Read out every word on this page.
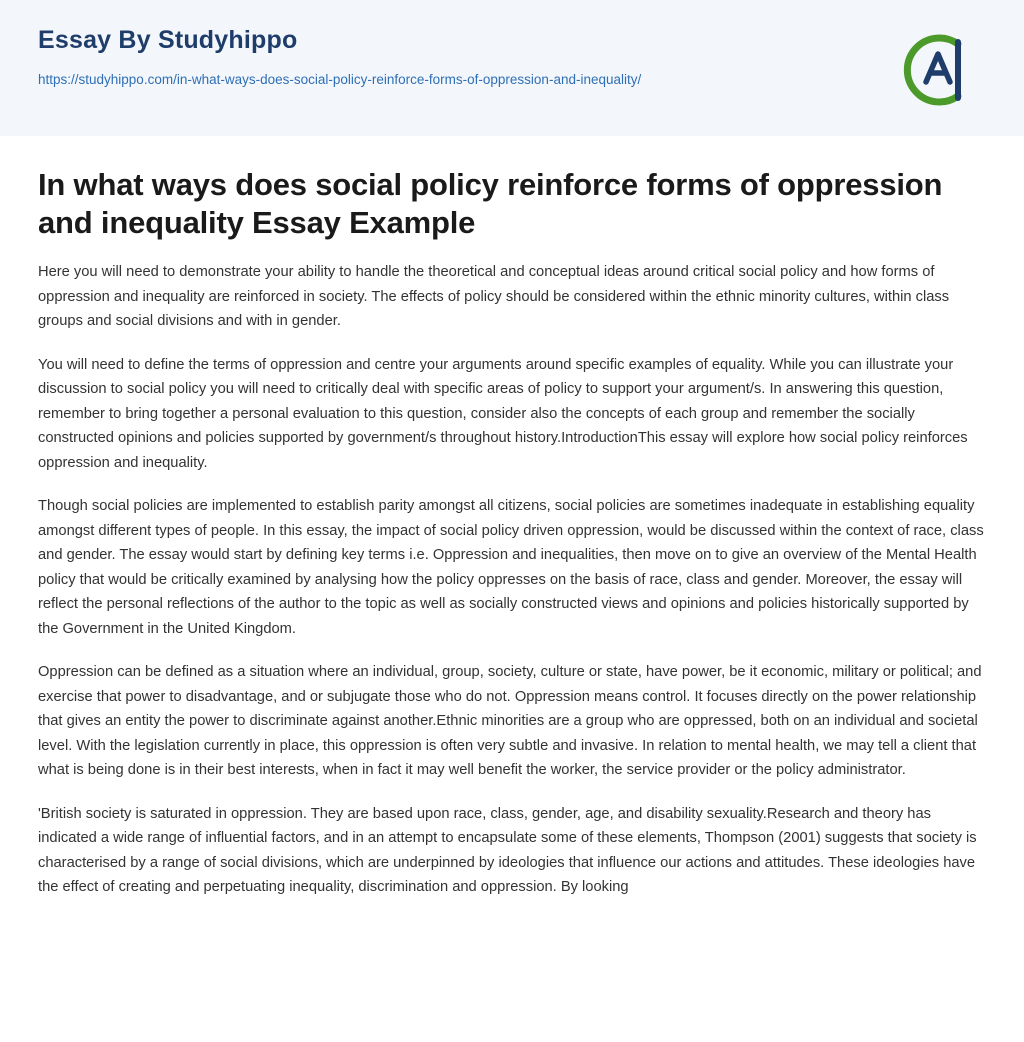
Essay By Studyhippo
https://studyhippo.com/in-what-ways-does-social-policy-reinforce-forms-of-oppression-and-inequality/
In what ways does social policy reinforce forms of oppression and inequality Essay Example

Here you will need to demonstrate your ability to handle the theoretical and conceptual ideas around critical social policy and how forms of oppression and inequality are reinforced in society. The effects of policy should be considered within the ethnic minority cultures, within class groups and social divisions and with in gender.

You will need to define the terms of oppression and centre your arguments around specific examples of equality. While you can illustrate your discussion to social policy you will need to critically deal with specific areas of policy to support your argument/s. In answering this question, remember to bring together a personal evaluation to this question, consider also the concepts of each group and remember the socially constructed opinions and policies supported by government/s throughout history.IntroductionThis essay will explore how social policy reinforces oppression and inequality.

Though social policies are implemented to establish parity amongst all citizens, social policies are sometimes inadequate in establishing equality amongst different types of people. In this essay, the impact of social policy driven oppression, would be discussed within the context of race, class and gender. The essay would start by defining key terms i.e. Oppression and inequalities, then move on to give an overview of the Mental Health policy that would be critically examined by analysing how the policy oppresses on the basis of race, class and gender. Moreover, the essay will reflect the personal reflections of the author to the topic as well as socially constructed views and opinions and policies historically supported by the Government in the United Kingdom.

Oppression can be defined as a situation where an individual, group, society, culture or state, have power, be it economic, military or political; and exercise that power to disadvantage, and or subjugate those who do not. Oppression means control. It focuses directly on the power relationship that gives an entity the power to discriminate against another.Ethnic minorities are a group who are oppressed, both on an individual and societal level. With the legislation currently in place, this oppression is often very subtle and invasive. In relation to mental health, we may tell a client that what is being done is in their best interests, when in fact it may well benefit the worker, the service provider or the policy administrator.

'British society is saturated in oppression. They are based upon race, class, gender, age, and disability sexuality.Research and theory has indicated a wide range of influential factors, and in an attempt to encapsulate some of these elements, Thompson (2001) suggests that society is characterised by a range of social divisions, which are underpinned by ideologies that influence our actions and attitudes. These ideologies have the effect of creating and perpetuating inequality, discrimination and oppression. By looking
